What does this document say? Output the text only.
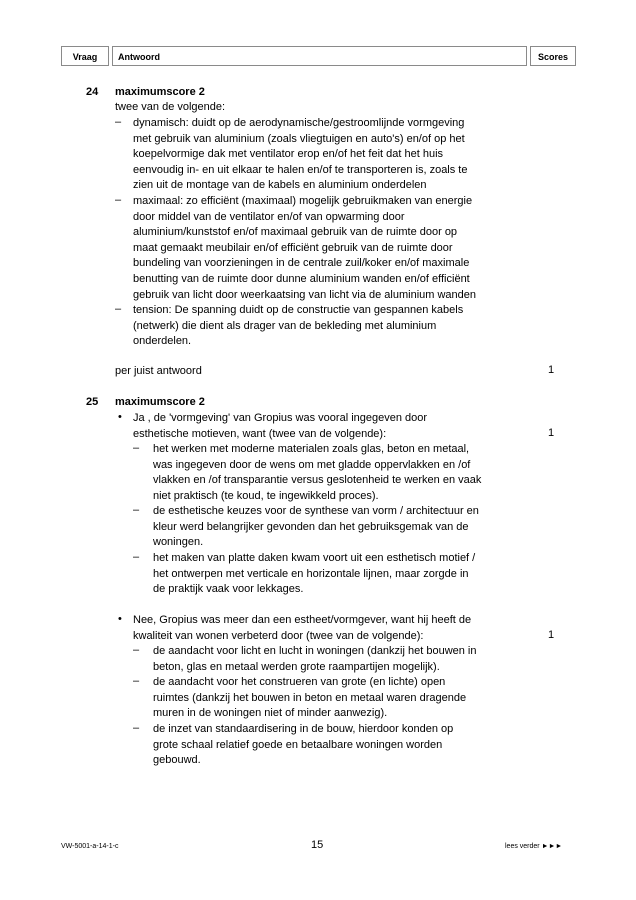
Vraag	Antwoord	Scores
24 maximumscore 2
twee van de volgende:
– dynamisch: duidt op de aerodynamische/gestroomlijnde vormgeving
met gebruik van aluminium (zoals vliegtuigen en auto's) en/of op het
koepelvormige dak met ventilator erop en/of het feit dat het huis
eenvoudig in- en uit elkaar te halen en/of te transporteren is, zoals te
zien uit de montage van de kabels en aluminium onderdelen
– maximaal: zo efficiënt (maximaal) mogelijk gebruikmaken van energie
door middel van de ventilator en/of van opwarming door
aluminium/kunststof en/of maximaal gebruik van de ruimte door op
maat gemaakt meubilair en/of efficiënt gebruik van de ruimte door
bundeling van voorzieningen in de centrale zuil/koker en/of maximale
benutting van de ruimte door dunne aluminium wanden en/of efficiënt
gebruik van licht door weerkaatsing van licht via de aluminium wanden
– tension: De spanning duidt op de constructie van gespannen kabels
(netwerk) die dient als drager van de bekleding met aluminium
onderdelen.
per juist antwoord	1
25 maximumscore 2
• Ja , de 'vormgeving' van Gropius was vooral ingegeven door
esthetische motieven, want (twee van de volgende):	1
– het werken met moderne materialen zoals glas, beton en metaal,
was ingegeven door de wens om met gladde oppervlakken en /of
vlakken en /of transparantie versus geslotenheid te werken en vaak
niet praktisch (te koud, te ingewikkeld proces).
– de esthetische keuzes voor de synthese van vorm / architectuur en
kleur werd belangrijker gevonden dan het gebruiksgemak van de
woningen.
– het maken van platte daken kwam voort uit een esthetisch motief /
het ontwerpen met verticale en horizontale lijnen, maar zorgde in
de praktijk vaak voor lekkages.
• Nee, Gropius was meer dan een estheet/vormgever, want hij heeft de
kwaliteit van wonen verbeterd door (twee van de volgende):	1
– de aandacht voor licht en lucht in woningen (dankzij het bouwen in
beton, glas en metaal werden grote raampartijen mogelijk).
– de aandacht voor het construeren van grote (en lichte) open
ruimtes (dankzij het bouwen in beton en metaal waren dragende
muren in de woningen niet of minder aanwezig).
– de inzet van standaardisering in de bouw, hierdoor konden op
grote schaal relatief goede en betaalbare woningen worden
gebouwd.
VW-5001-a-14-1-c	15	lees verder ►►►
